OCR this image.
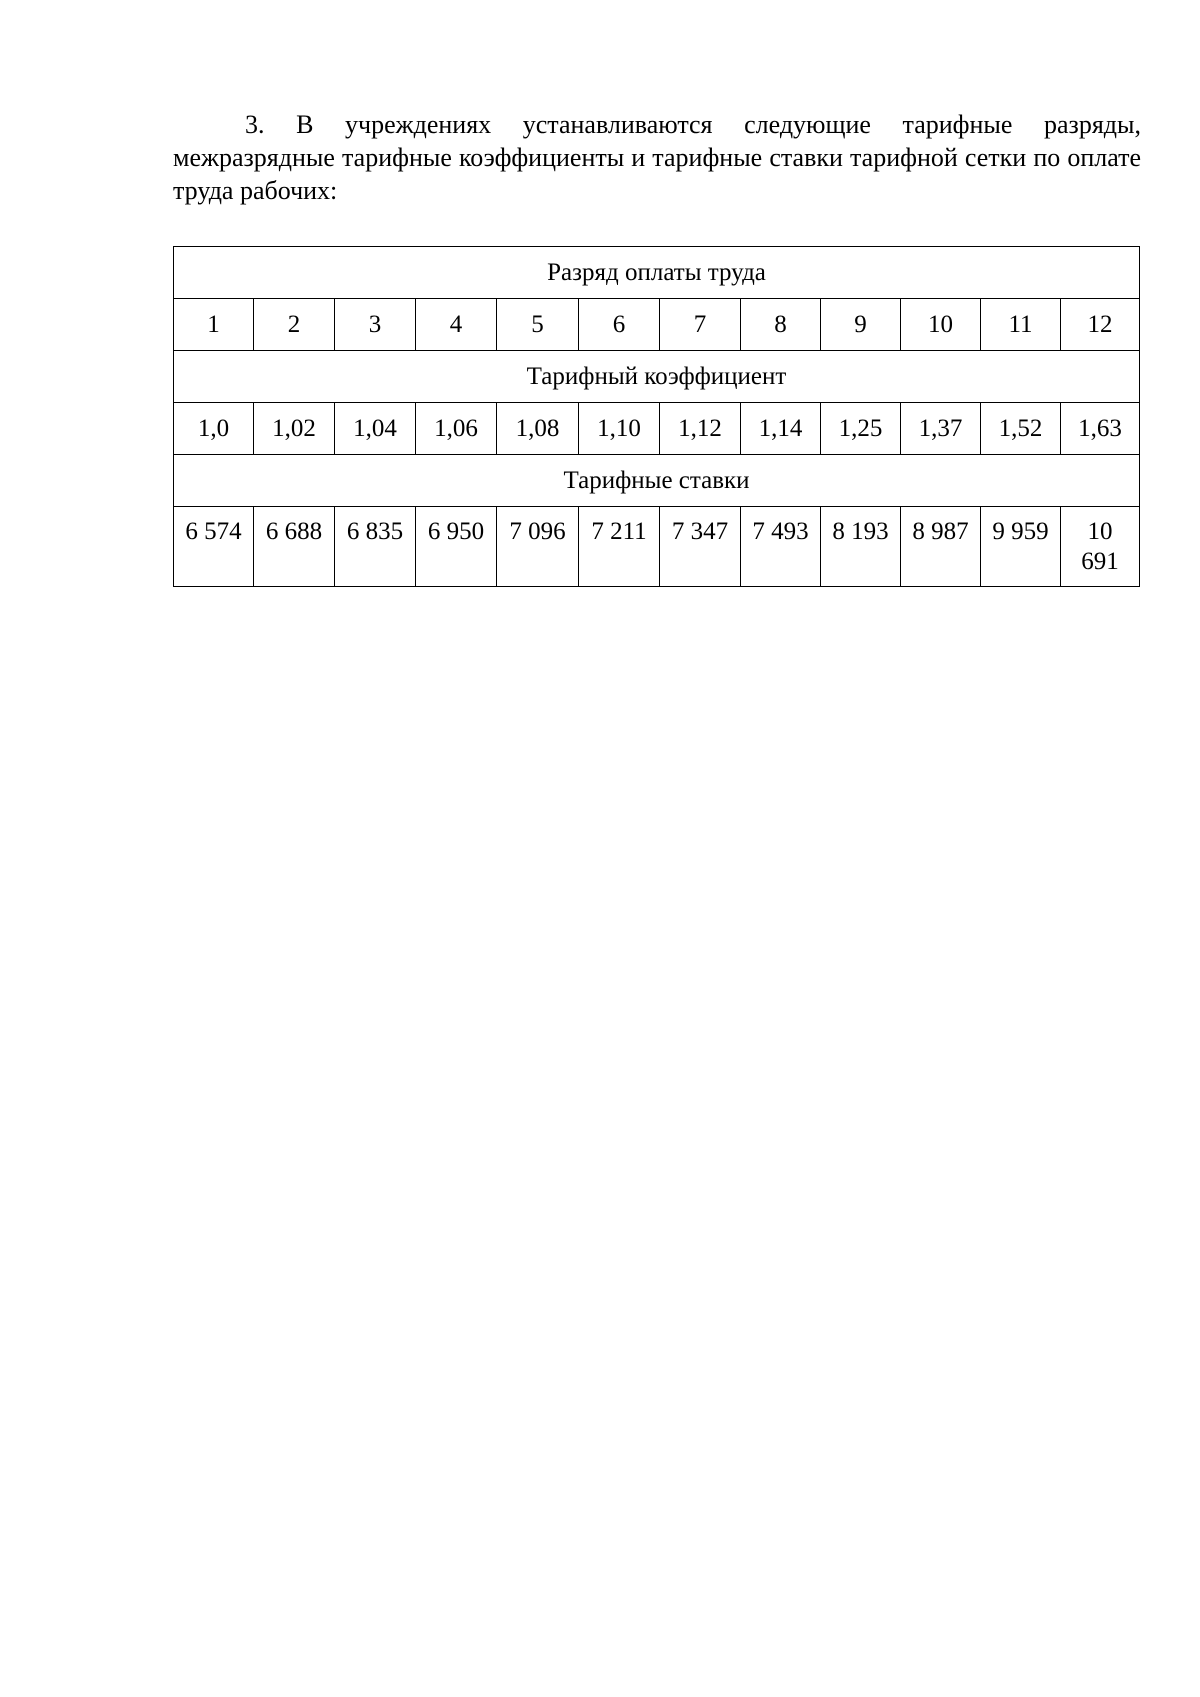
3. В учреждениях устанавливаются следующие тарифные разряды, межразрядные тарифные коэффициенты и тарифные ставки тарифной сетки по оплате труда рабочих:

Разряд оплаты труда											
1	2	3	4	5	6	7	8	9	10	11	12
Тарифный коэффициент											
1,0	1,02	1,04	1,06	1,08	1,10	1,12	1,14	1,25	1,37	1,52	1,63
Тарифные ставки											
6 574	6 688	6 835	6 950	7 096	7 211	7 347	7 493	8 193	8 987	9 959	10 691
